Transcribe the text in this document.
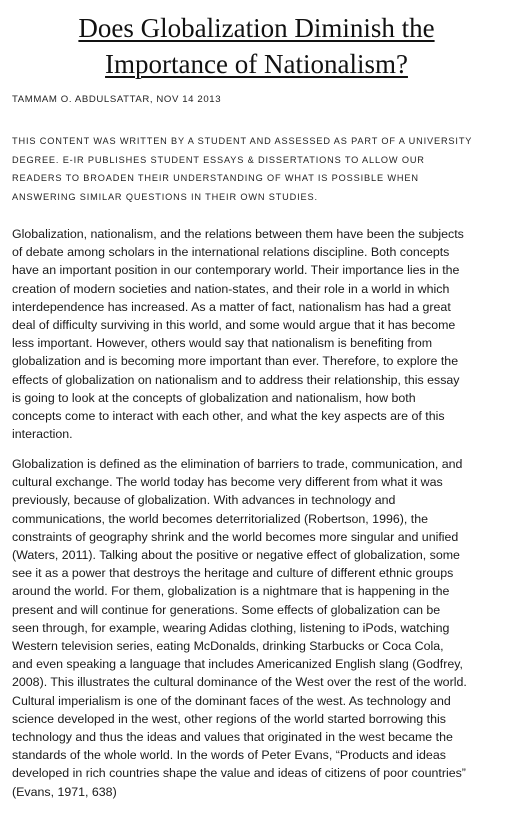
Does Globalization Diminish the
Importance of Nationalism?
TAMMAM O. ABDULSATTAR, NOV 14 2013
THIS CONTENT WAS WRITTEN BY A STUDENT AND ASSESSED AS PART OF A UNIVERSITY
DEGREE. E-IR PUBLISHES STUDENT ESSAYS & DISSERTATIONS TO ALLOW OUR
READERS TO BROADEN THEIR UNDERSTANDING OF WHAT IS POSSIBLE WHEN
ANSWERING SIMILAR QUESTIONS IN THEIR OWN STUDIES.
Globalization, nationalism, and the relations between them have been the subjects
of debate among scholars in the international relations discipline. Both concepts
have an important position in our contemporary world. Their importance lies in the
creation of modern societies and nation-states, and their role in a world in which
interdependence has increased. As a matter of fact, nationalism has had a great
deal of difficulty surviving in this world, and some would argue that it has become
less important. However, others would say that nationalism is benefiting from
globalization and is becoming more important than ever. Therefore, to explore the
effects of globalization on nationalism and to address their relationship, this essay
is going to look at the concepts of globalization and nationalism, how both
concepts come to interact with each other, and what the key aspects are of this
interaction.
Globalization is defined as the elimination of barriers to trade, communication, and
cultural exchange. The world today has become very different from what it was
previously, because of globalization. With advances in technology and
communications, the world becomes deterritorialized (Robertson, 1996), the
constraints of geography shrink and the world becomes more singular and unified
(Waters, 2011). Talking about the positive or negative effect of globalization, some
see it as a power that destroys the heritage and culture of different ethnic groups
around the world. For them, globalization is a nightmare that is happening in the
present and will continue for generations. Some effects of globalization can be
seen through, for example, wearing Adidas clothing, listening to iPods, watching
Western television series, eating McDonalds, drinking Starbucks or Coca Cola,
and even speaking a language that includes Americanized English slang (Godfrey,
2008). This illustrates the cultural dominance of the West over the rest of the world.
Cultural imperialism is one of the dominant faces of the west. As technology and
science developed in the west, other regions of the world started borrowing this
technology and thus the ideas and values that originated in the west became the
standards of the whole world. In the words of Peter Evans, “Products and ideas
developed in rich countries shape the value and ideas of citizens of poor countries”
(Evans, 1971, 638)
